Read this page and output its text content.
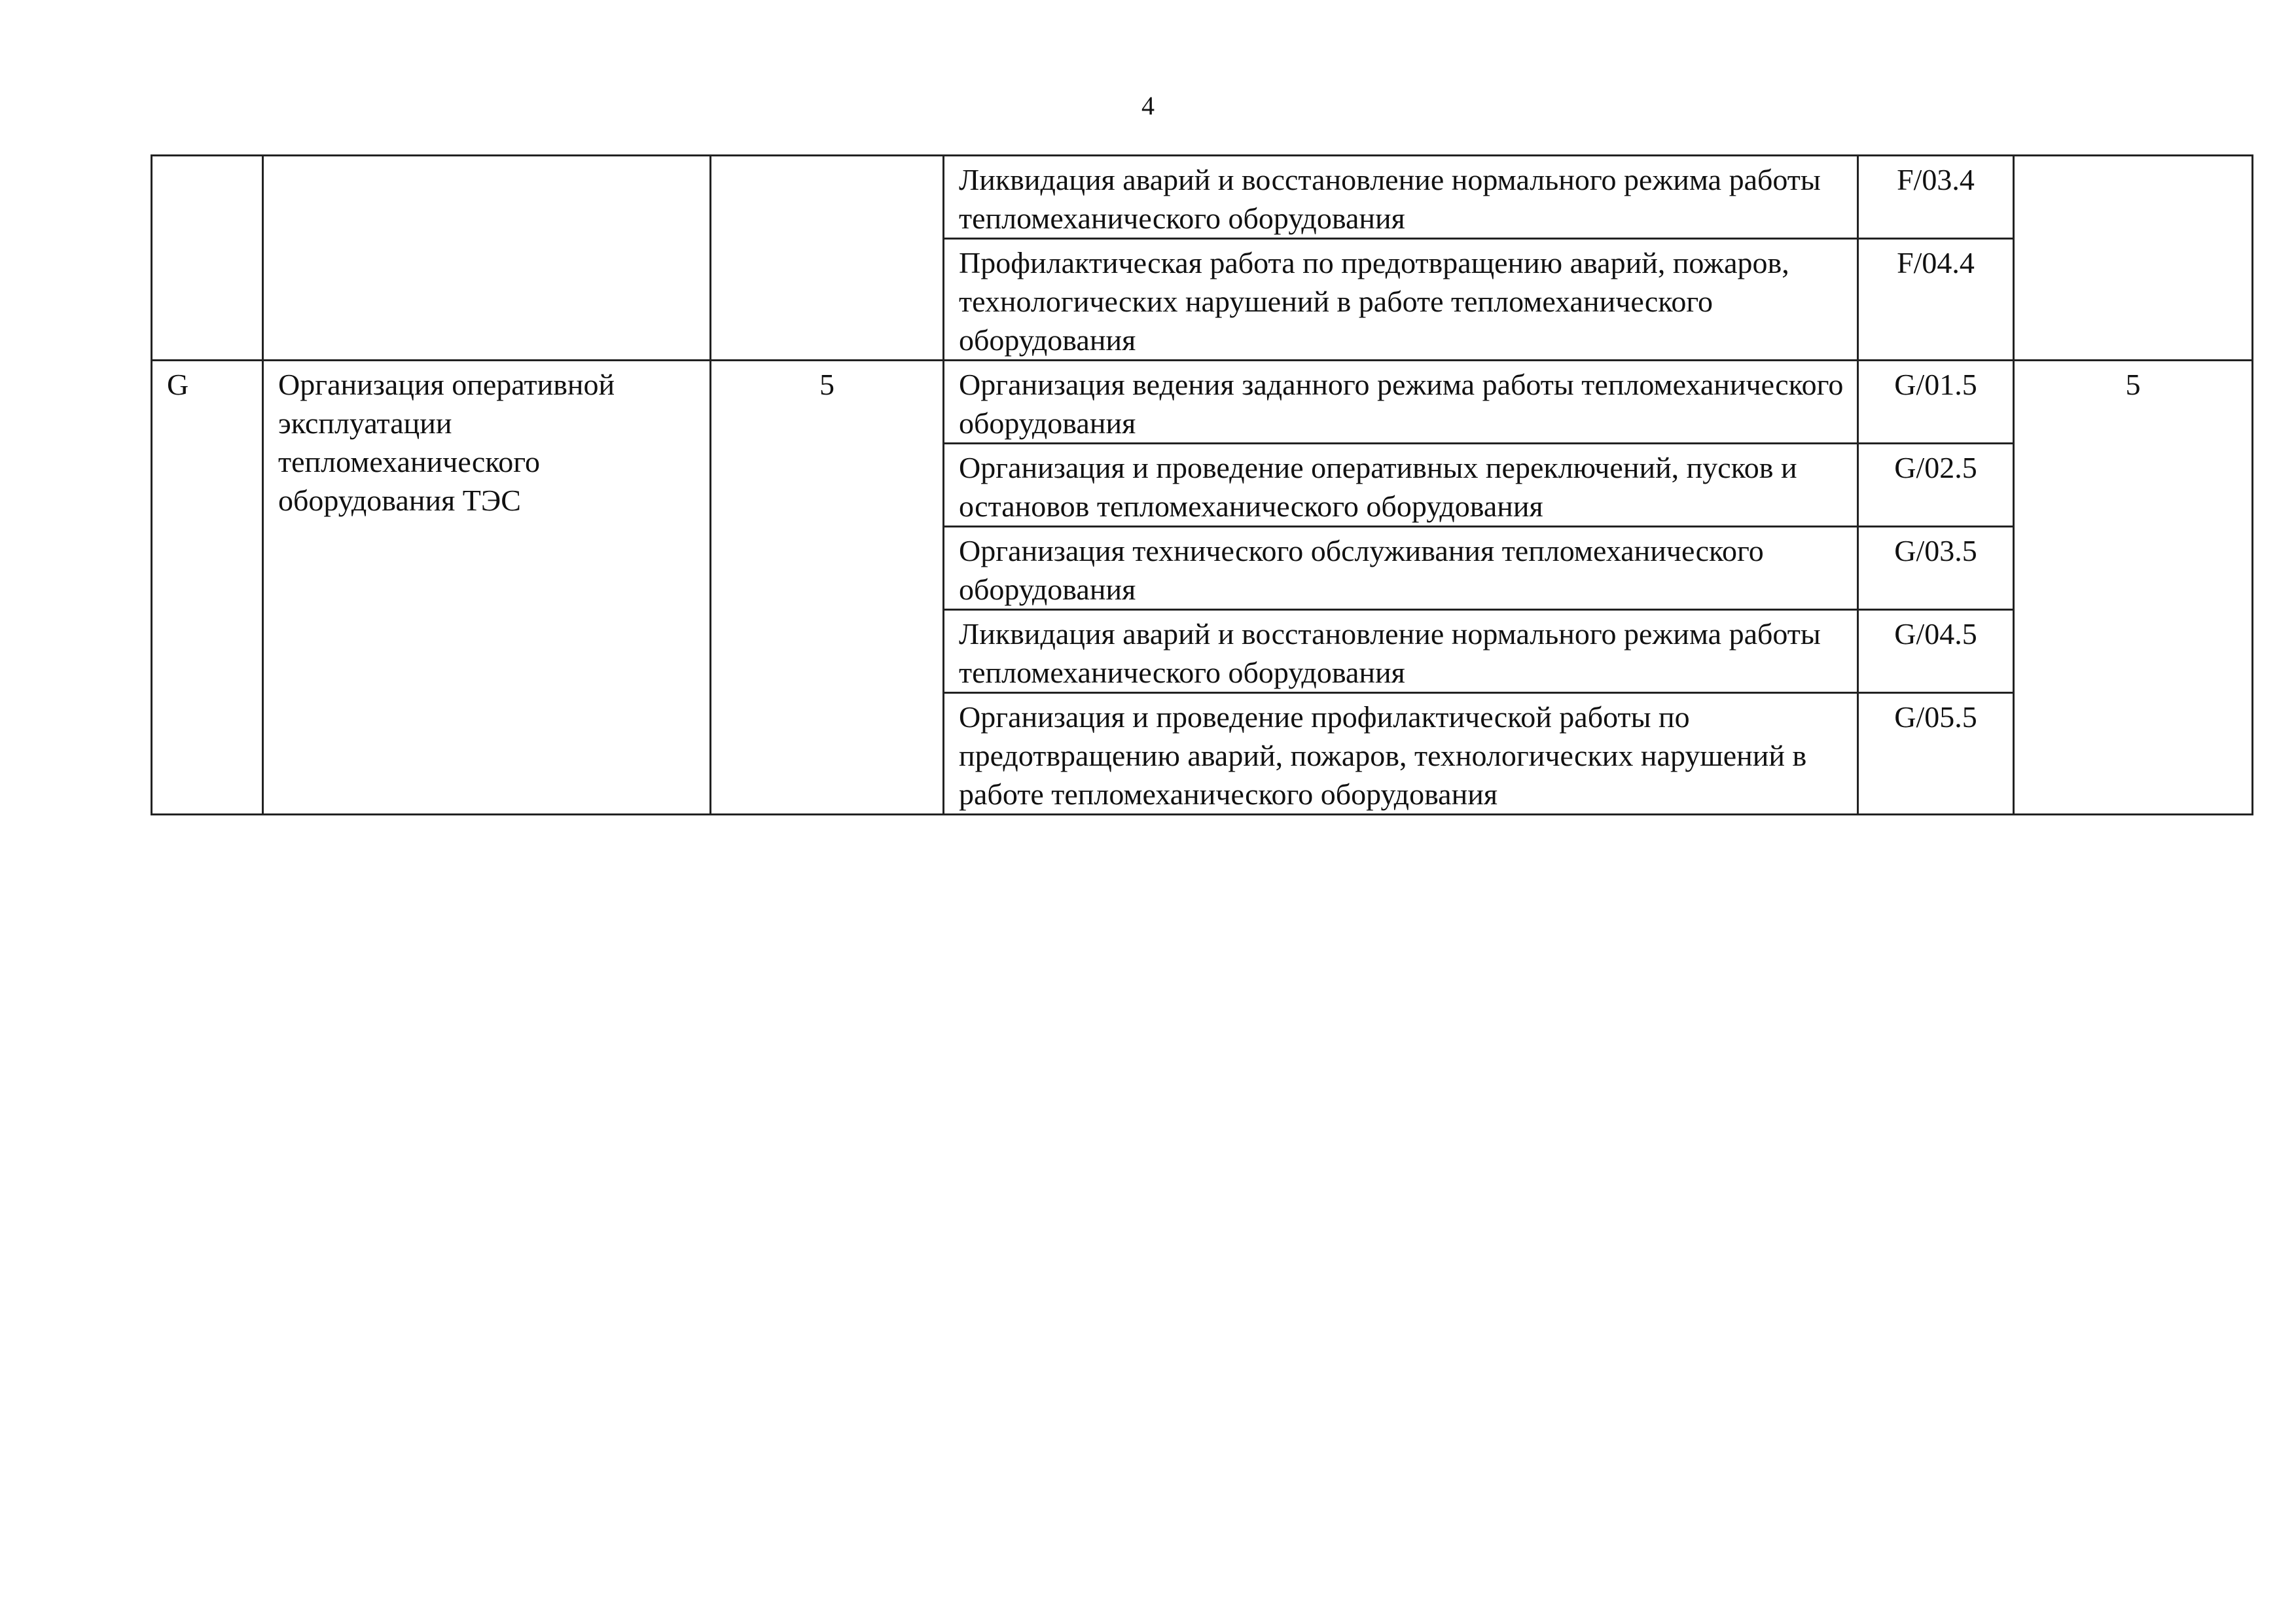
4
			Ликвидация аварий и восстановление нормального режима работы тепломеханического оборудования	F/03.4	
			Профилактическая работа по предотвращению аварий, пожаров, технологических нарушений в работе тепломеханического оборудования	F/04.4	
G	Организация оперативной эксплуатации тепломеханического оборудования ТЭС	5	Организация ведения заданного режима работы тепломеханического оборудования	G/01.5	5
			Организация и проведение оперативных переключений, пусков и остановов тепломеханического оборудования	G/02.5	
			Организация технического обслуживания тепломеханического оборудования	G/03.5	
			Ликвидация аварий и восстановление нормального режима работы тепломеханического оборудования	G/04.5	
			Организация и проведение профилактической работы по предотвращению аварий, пожаров, технологических нарушений в работе тепломеханического оборудования	G/05.5	
